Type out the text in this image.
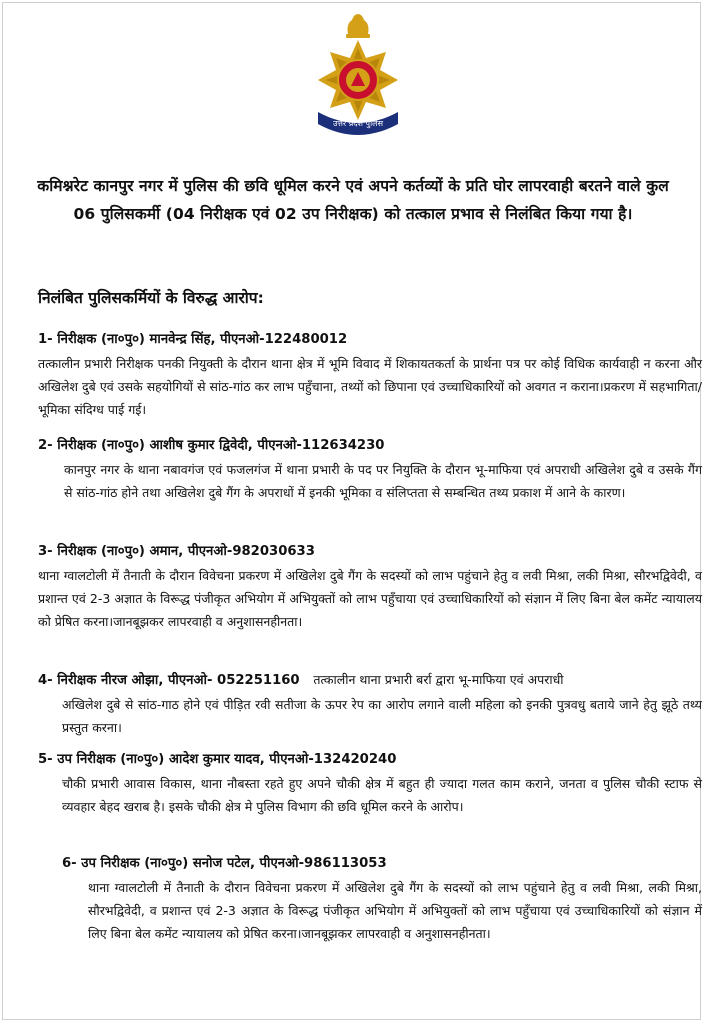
उत्तर प्रदेश पुलिस
कमिश्नरेट कानपुर नगर में पुलिस की छवि धूमिल करने एवं अपने कर्तव्यों के प्रति घोर लापरवाही बरतने वाले कुल 06 पुलिसकर्मी (04 निरीक्षक एवं 02 उप निरीक्षक) को तत्काल प्रभाव से निलंबित किया गया है।
निलंबित पुलिसकर्मियों के विरुद्ध आरोप:
1- निरीक्षक (ना०पु०) मानवेन्द्र सिंह, पीएनओ-122480012
तत्कालीन प्रभारी निरीक्षक पनकी नियुक्ती के दौरान थाना क्षेत्र में भूमि विवाद में शिकायतकर्ता के प्रार्थना पत्र पर कोई विधिक कार्यवाही न करना और अखिलेश दुबे एवं उसके सहयोगियों से सांठ-गांठ कर लाभ पहुँचाना, तथ्यों को छिपाना एवं उच्चाधिकारियों को अवगत न कराना।प्रकरण में सहभागिता/भूमिका संदिग्ध पाई गई।
2- निरीक्षक (ना०पु०) आशीष कुमार द्विवेदी, पीएनओ-112634230
कानपुर नगर के थाना नबावगंज एवं फजलगंज में थाना प्रभारी के पद पर नियुक्ति के दौरान भू-माफिया एवं अपराधी अखिलेश दुबे व उसके गैंग से सांठ-गांठ होने तथा अखिलेश दुबे गैंग के अपराधों में इनकी भूमिका व संलिप्तता से सम्बन्धित तथ्य प्रकाश में आने के कारण।
3- निरीक्षक (ना०पु०) अमान, पीएनओ-982030633
थाना ग्वालटोली में तैनाती के दौरान विवेचना प्रकरण में अखिलेश दुबे गैंग के सदस्यों को लाभ पहुंचाने हेतु व लवी मिश्रा, लकी मिश्रा, सौरभद्विवेदी, व प्रशान्त एवं 2-3 अज्ञात के विरूद्ध पंजीकृत अभियोग में अभियुक्तों को लाभ पहुँचाया एवं उच्चाधिकारियों को संज्ञान में लिए बिना बेल कमेंट न्यायालय को प्रेषित करना।जानबूझकर लापरवाही व अनुशासनहीनता।
4- निरीक्षक नीरज ओझा, पीएनओ- 052251160 तत्कालीन थाना प्रभारी बर्रा द्वारा भू-माफिया एवं अपराधी
अखिलेश दुबे से सांठ-गाठ होने एवं पीड़ित रवी सतीजा के ऊपर रेप का आरोप लगाने वाली महिला को इनकी पुत्रवधु बताये जाने हेतु झूठे तथ्य प्रस्तुत करना।
5- उप निरीक्षक (ना०पु०) आदेश कुमार यादव, पीएनओ-132420240
चौकी प्रभारी आवास विकास, थाना नौबस्ता रहते हुए अपने चौकी क्षेत्र में बहुत ही ज्यादा गलत काम कराने, जनता व पुलिस चौकी स्टाफ से व्यवहार बेहद खराब है। इसके चौकी क्षेत्र मे पुलिस विभाग की छवि धूमिल करने के आरोप।
6- उप निरीक्षक (ना०पु०) सनोज पटेल, पीएनओ-986113053
थाना ग्वालटोली में तैनाती के दौरान विवेचना प्रकरण में अखिलेश दुबे गैंग के सदस्यों को लाभ पहुंचाने हेतु व लवी मिश्रा, लकी मिश्रा, सौरभद्विवेदी, व प्रशान्त एवं 2-3 अज्ञात के विरूद्ध पंजीकृत अभियोग में अभियुक्तों को लाभ पहुँचाया एवं उच्चाधिकारियों को संज्ञान में लिए बिना बेल कमेंट न्यायालय को प्रेषित करना।जानबूझकर लापरवाही व अनुशासनहीनता।
